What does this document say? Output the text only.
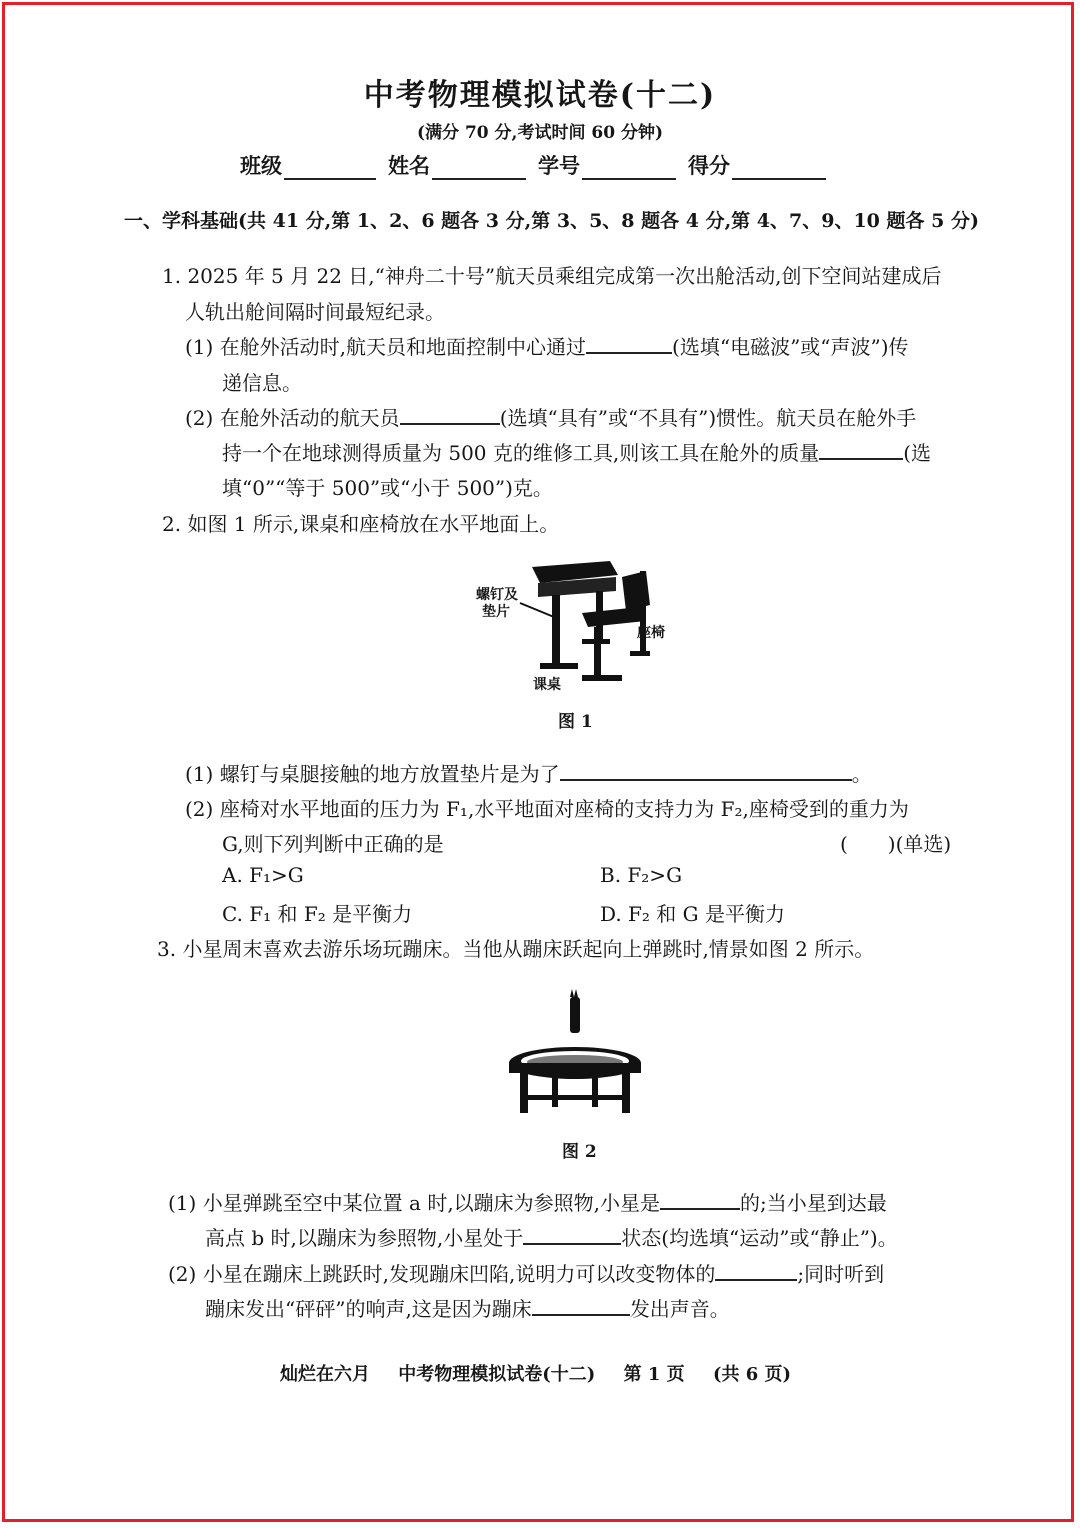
中考物理模拟试卷(十二)
(满分 70 分,考试时间 60 分钟)
班级	姓名	学号	得分
一、学科基础(共 41 分,第 1、2、6 题各 3 分,第 3、5、8 题各 4 分,第 4、7、9、10 题各 5 分)
1. 2025 年 5 月 22 日,“神舟二十号”航天员乘组完成第一次出舱活动,创下空间站建成后
人轨出舱间隔时间最短纪录。
(1) 在舱外活动时,航天员和地面控制中心通过	(选填“电磁波”或“声波”)传
递信息。
(2) 在舱外活动的航天员	(选填“具有”或“不具有”)惯性。航天员在舱外手
持一个在地球测得质量为 500 克的维修工具,则该工具在舱外的质量	(选
填“0”“等于 500”或“小于 500”)克。
2. 如图 1 所示,课桌和座椅放在水平地面上。
螺钉及
垫片
座椅
课桌
图 1
(1) 螺钉与桌腿接触的地方放置垫片是为了	。
(2) 座椅对水平地面的压力为 F₁,水平地面对座椅的支持力为 F₂,座椅受到的重力为
G,则下列判断中正确的是	(　　)(单选)
A. F₁>G	B. F₂>G
C. F₁ 和 F₂ 是平衡力	D. F₂ 和 G 是平衡力
3. 小星周末喜欢去游乐场玩蹦床。当他从蹦床跃起向上弹跳时,情景如图 2 所示。
图 2
(1) 小星弹跳至空中某位置 a 时,以蹦床为参照物,小星是	的;当小星到达最
高点 b 时,以蹦床为参照物,小星处于	状态(均选填“运动”或“静止”)。
(2) 小星在蹦床上跳跃时,发现蹦床凹陷,说明力可以改变物体的	;同时听到
蹦床发出“砰砰”的响声,这是因为蹦床	发出声音。
灿烂在六月 中考物理模拟试卷(十二) 第 1 页 (共 6 页)
